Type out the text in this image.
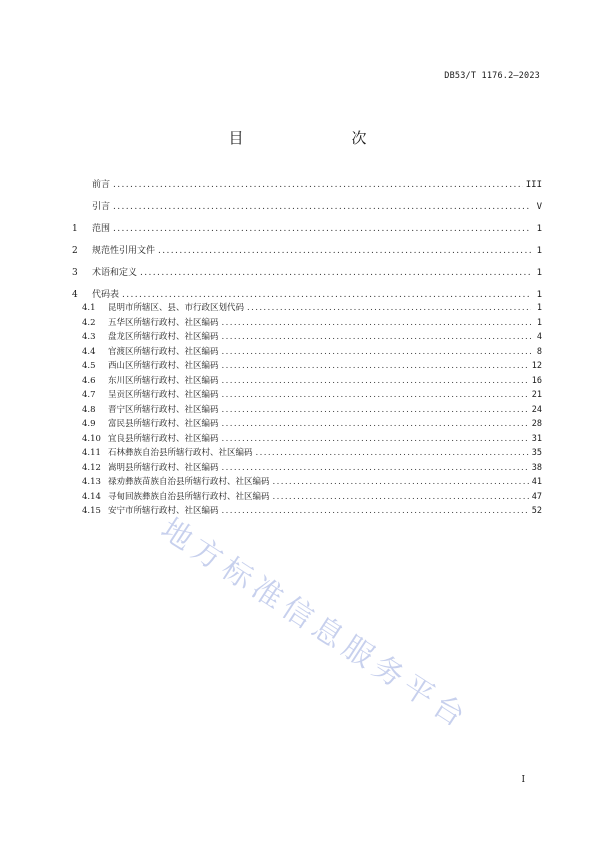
DB53/T 1176.2—2023
目　　次
前言 .....	III
引言 .....	V
1	范围 .....	1
2	规范性引用文件 .....	1
3	术语和定义 .....	1
4	代码表 .....	1
4.1	昆明市所辖区、县、市行政区划代码 .....	1
4.2	五华区所辖行政村、社区编码 .....	1
4.3	盘龙区所辖行政村、社区编码 .....	4
4.4	官渡区所辖行政村、社区编码 .....	8
4.5	西山区所辖行政村、社区编码 .....	12
4.6	东川区所辖行政村、社区编码 .....	16
4.7	呈贡区所辖行政村、社区编码 .....	21
4.8	晋宁区所辖行政村、社区编码 .....	24
4.9	富民县所辖行政村、社区编码 .....	28
4.10 宜良县所辖行政村、社区编码 .....	31
4.11 石林彝族自治县所辖行政村、社区编码 .....	35
4.12 嵩明县所辖行政村、社区编码 .....	38
4.13 禄劝彝族苗族自治县所辖行政村、社区编码 .....	41
4.14 寻甸回族彝族自治县所辖行政村、社区编码 .....	47
4.15 安宁市所辖行政村、社区编码 .....	52
地方标准信息服务平台
I
